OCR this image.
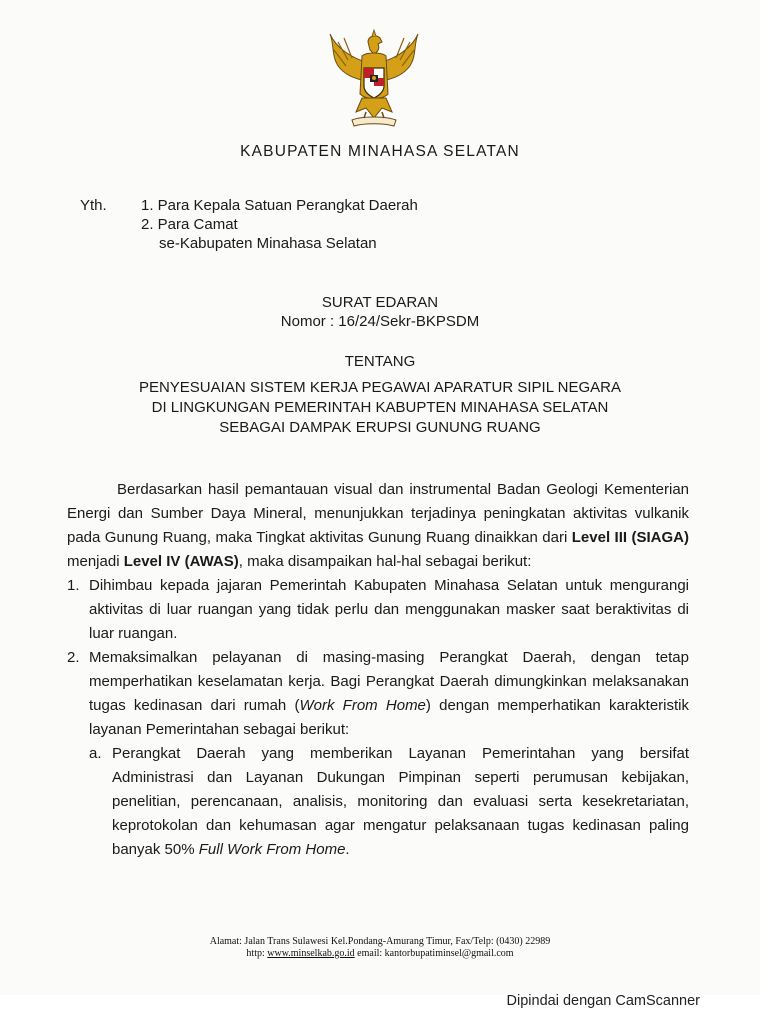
KABUPATEN MINAHASA SELATAN
Yth. 1. Para Kepala Satuan Perangkat Daerah
2. Para Camat
se-Kabupaten Minahasa Selatan
SURAT EDARAN
Nomor : 16/24/Sekr-BKPSDM
TENTANG
PENYESUAIAN SISTEM KERJA PEGAWAI APARATUR SIPIL NEGARA
DI LINGKUNGAN PEMERINTAH KABUPTEN MINAHASA SELATAN
SEBAGAI DAMPAK ERUPSI GUNUNG RUANG

Berdasarkan hasil pemantauan visual dan instrumental Badan Geologi Kementerian Energi dan Sumber Daya Mineral, menunjukkan terjadinya peningkatan aktivitas vulkanik pada Gunung Ruang, maka Tingkat aktivitas Gunung Ruang dinaikkan dari Level III (SIAGA) menjadi Level IV (AWAS), maka disampaikan hal-hal sebagai berikut:

1. Dihimbau kepada jajaran Pemerintah Kabupaten Minahasa Selatan untuk mengurangi aktivitas di luar ruangan yang tidak perlu dan menggunakan masker saat beraktivitas di luar ruangan.

2. Memaksimalkan pelayanan di masing-masing Perangkat Daerah, dengan tetap memperhatikan keselamatan kerja. Bagi Perangkat Daerah dimungkinkan melaksanakan tugas kedinasan dari rumah (Work From Home) dengan memperhatikan karakteristik layanan Pemerintahan sebagai berikut:

a. Perangkat Daerah yang memberikan Layanan Pemerintahan yang bersifat Administrasi dan Layanan Dukungan Pimpinan seperti perumusan kebijakan, penelitian, perencanaan, analisis, monitoring dan evaluasi serta kesekretariatan, keprotokolan dan kehumasan agar mengatur pelaksanaan tugas kedinasan paling banyak 50% Full Work From Home.

Alamat: Jalan Trans Sulawesi Kel.Pondang-Amurang Timur, Fax/Telp: (0430) 22989
http: www.minselkab.go.id email: kantorbupatiminsel@gmail.com
Dipindai dengan CamScanner
